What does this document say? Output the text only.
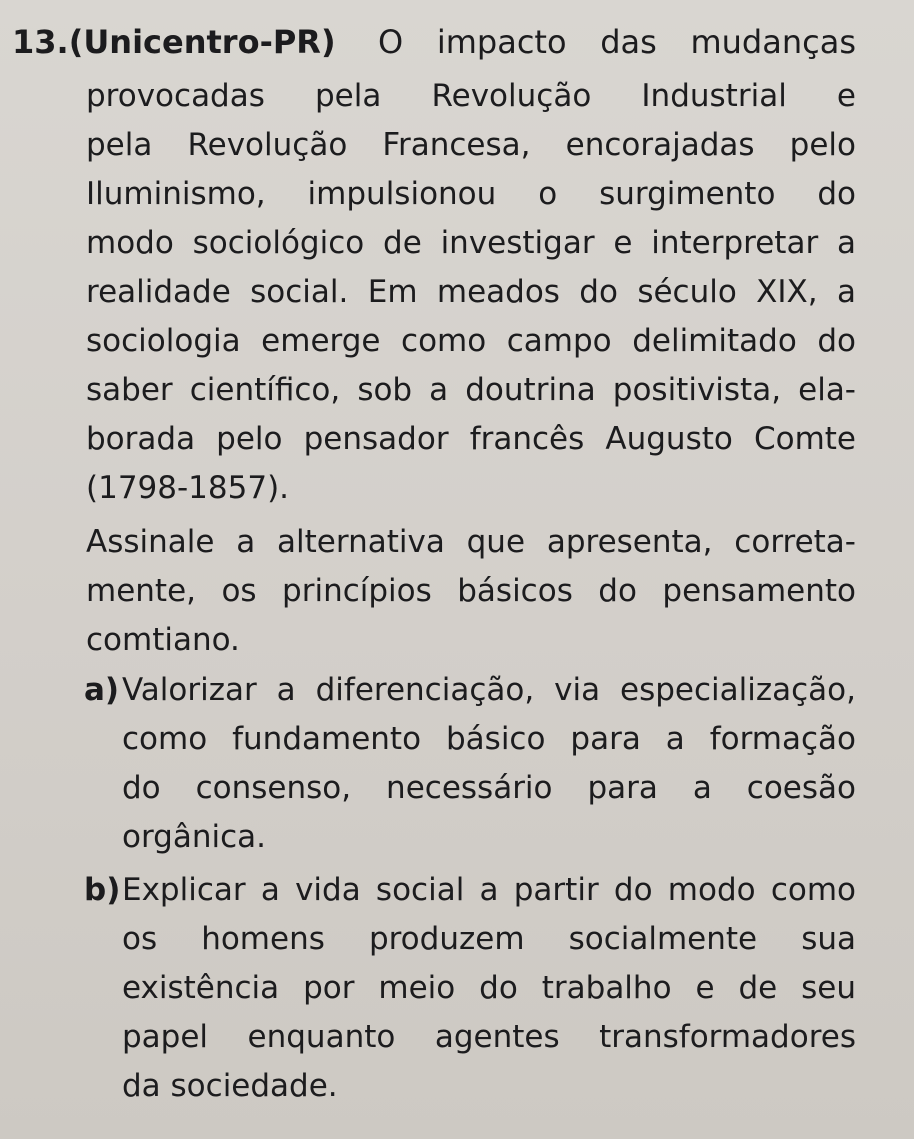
13.(Unicentro-PR) O impacto das mudanças
provocadas pela Revolução Industrial e
pela Revolução Francesa, encorajadas pelo
Iluminismo, impulsionou o surgimento do
modo sociológico de investigar e interpretar a
realidade social. Em meados do século XIX, a
sociologia emerge como campo delimitado do
saber científico, sob a doutrina positivista, ela-
borada pelo pensador francês Augusto Comte
(1798-1857).
Assinale a alternativa que apresenta, correta-
mente, os princípios básicos do pensamento
comtiano.
a) Valorizar a diferenciação, via especialização,
como fundamento básico para a formação
do consenso, necessário para a coesão
orgânica.
b) Explicar a vida social a partir do modo como
os homens produzem socialmente sua
existência por meio do trabalho e de seu
papel enquanto agentes transformadores
da sociedade.
